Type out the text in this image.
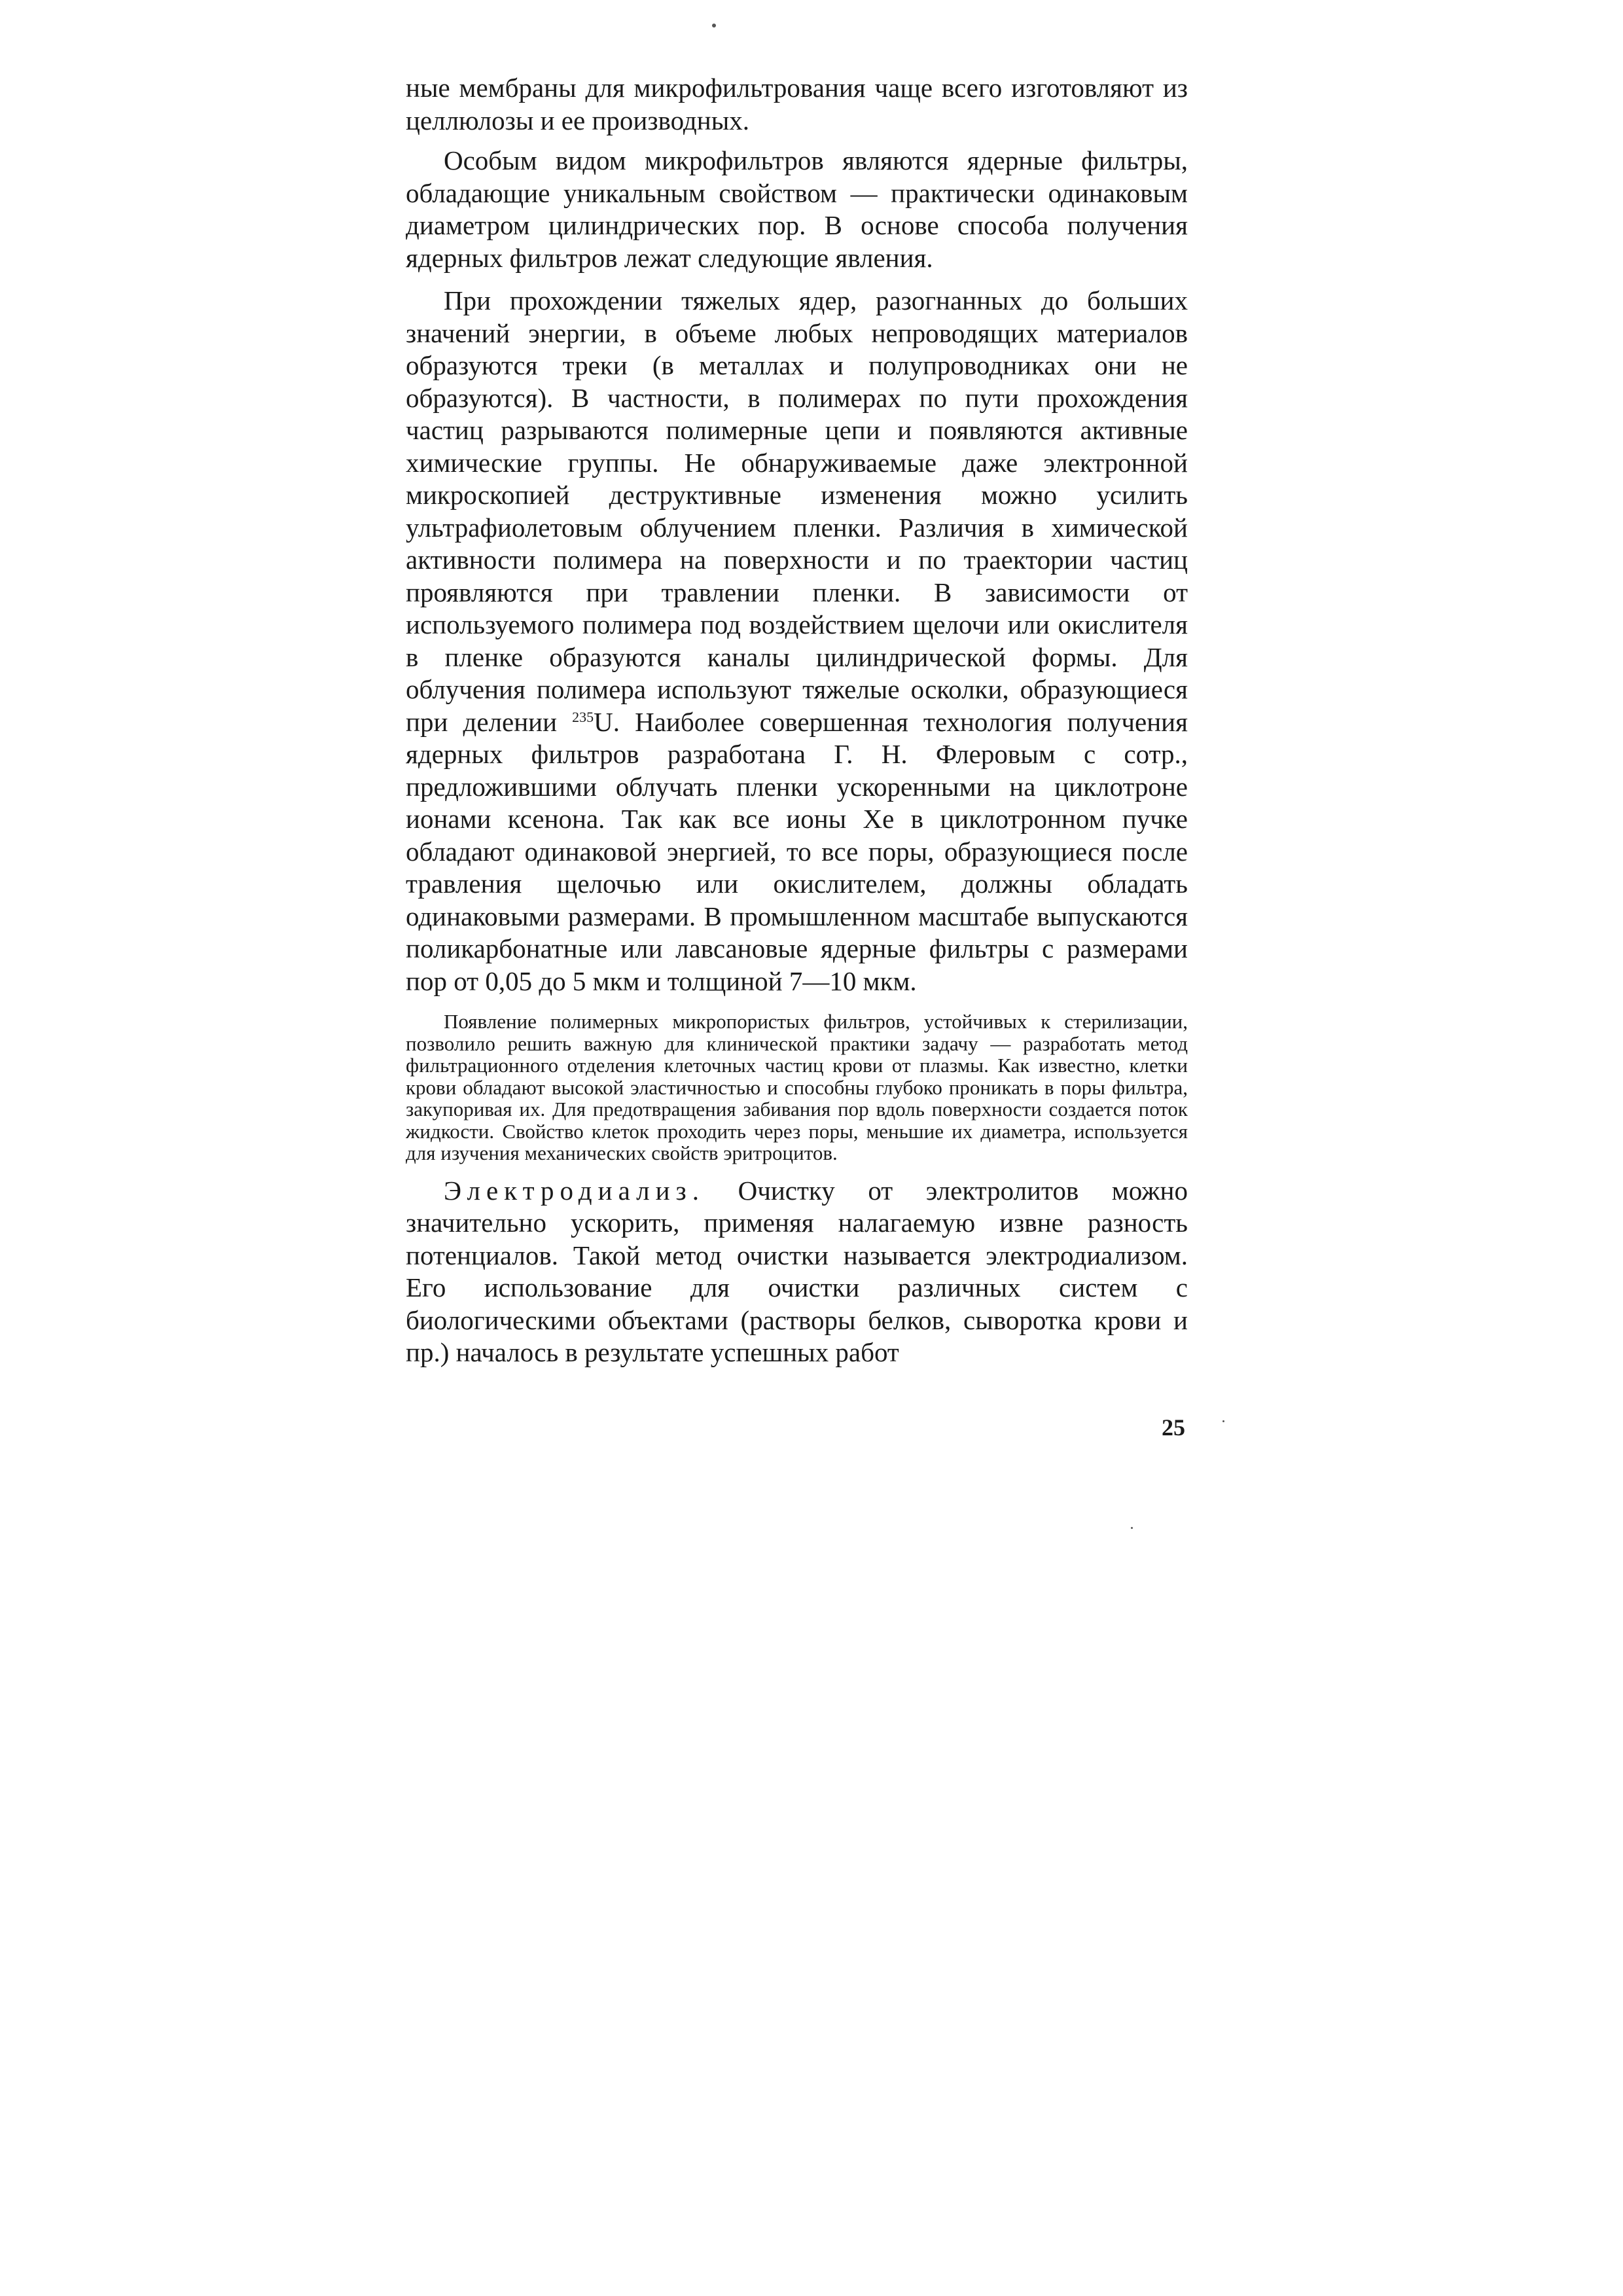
ные мембраны для микрофильтрования чаще всего изготовляют из целлюлозы и ее производных.

Особым видом микрофильтров являются ядерные фильтры, обладающие уникальным свойством — практически одинаковым диаметром цилиндрических пор. В основе способа получения ядерных фильтров лежат следующие явления.

При прохождении тяжелых ядер, разогнанных до больших значений энергии, в объеме любых непроводящих материалов образуются треки (в металлах и полупроводниках они не образуются). В частности, в полимерах по пути прохождения частиц разрываются полимерные цепи и появляются активные химические группы. Не обнаруживаемые даже электронной микроскопией деструктивные изменения можно усилить ультрафиолетовым облучением пленки. Различия в химической активности полимера на поверхности и по траектории частиц проявляются при травлении пленки. В зависимости от используемого полимера под воздействием щелочи или окислителя в пленке образуются каналы цилиндрической формы. Для облучения полимера используют тяжелые осколки, образующиеся при делении $^{235}$U. Наиболее совершенная технология получения ядерных фильтров разработана Г. Н. Флеровым с сотр., предложившими облучать пленки ускоренными на циклотроне ионами ксенона. Так как все ионы Xe в циклотронном пучке обладают одинаковой энергией, то все поры, образующиеся после травления щелочью или окислителем, должны обладать одинаковыми размерами. В промышленном масштабе выпускаются поликарбонатные или лавсановые ядерные фильтры с размерами пор от 0,05 до 5 мкм и толщиной 7—10 мкм.

Появление полимерных микропористых фильтров, устойчивых к стерилизации, позволило решить важную для клинической практики задачу — разработать метод фильтрационного отделения клеточных частиц крови от плазмы. Как известно, клетки крови обладают высокой эластичностью и способны глубоко проникать в поры фильтра, закупоривая их. Для предотвращения забивания пор вдоль поверхности создается поток жидкости. Свойство клеток проходить через поры, меньшие их диаметра, используется для изучения механических свойств эритроцитов.

Электродиализ. Очистку от электролитов можно значительно ускорить, применяя налагаемую извне разность потенциалов. Такой метод очистки называется электродиализом. Его использование для очистки различных систем с биологическими объектами (растворы белков, сыворотка крови и пр.) началось в результате успешных работ

25
